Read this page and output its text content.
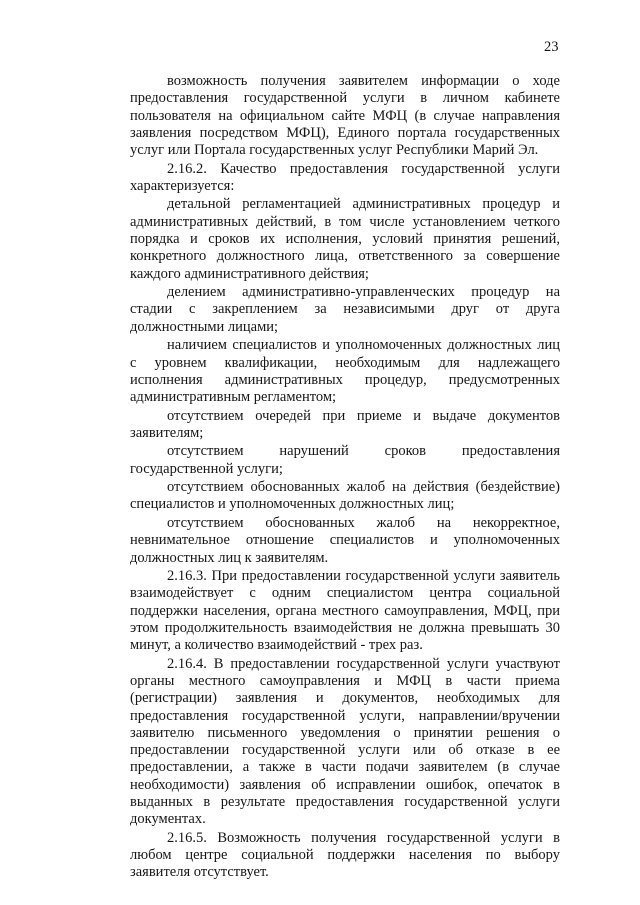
23

возможность получения заявителем информации о ходе предоставления государственной услуги в личном кабинете пользователя на официальном сайте МФЦ (в случае направления заявления посредством МФЦ), Единого портала государственных услуг или Портала государственных услуг Республики Марий Эл.

2.16.2. Качество предоставления государственной услуги характеризуется:

детальной регламентацией административных процедур и административных действий, в том числе установлением четкого порядка и сроков их исполнения, условий принятия решений, конкретного должностного лица, ответственного за совершение каждого административного действия;

делением административно-управленческих процедур на стадии с закреплением за независимыми друг от друга должностными лицами;

наличием специалистов и уполномоченных должностных лиц с уровнем квалификации, необходимым для надлежащего исполнения административных процедур, предусмотренных административным регламентом;

отсутствием очередей при приеме и выдаче документов заявителям;

отсутствием нарушений сроков предоставления государственной услуги;

отсутствием обоснованных жалоб на действия (бездействие) специалистов и уполномоченных должностных лиц;

отсутствием обоснованных жалоб на некорректное, невнимательное отношение специалистов и уполномоченных должностных лиц к заявителям.

2.16.3. При предоставлении государственной услуги заявитель взаимодействует с одним специалистом центра социальной поддержки населения, органа местного самоуправления, МФЦ, при этом продолжительность взаимодействия не должна превышать 30 минут, а количество взаимодействий - трех раз.

2.16.4. В предоставлении государственной услуги участвуют органы местного самоуправления и МФЦ в части приема (регистрации) заявления и документов, необходимых для предоставления государственной услуги, направлении/вручении заявителю письменного уведомления о принятии решения о предоставлении государственной услуги или об отказе в ее предоставлении, а также в части подачи заявителем (в случае необходимости) заявления об исправлении ошибок, опечаток в выданных в результате предоставления государственной услуги документах.

2.16.5. Возможность получения государственной услуги в любом центре социальной поддержки населения по выбору заявителя отсутствует.
